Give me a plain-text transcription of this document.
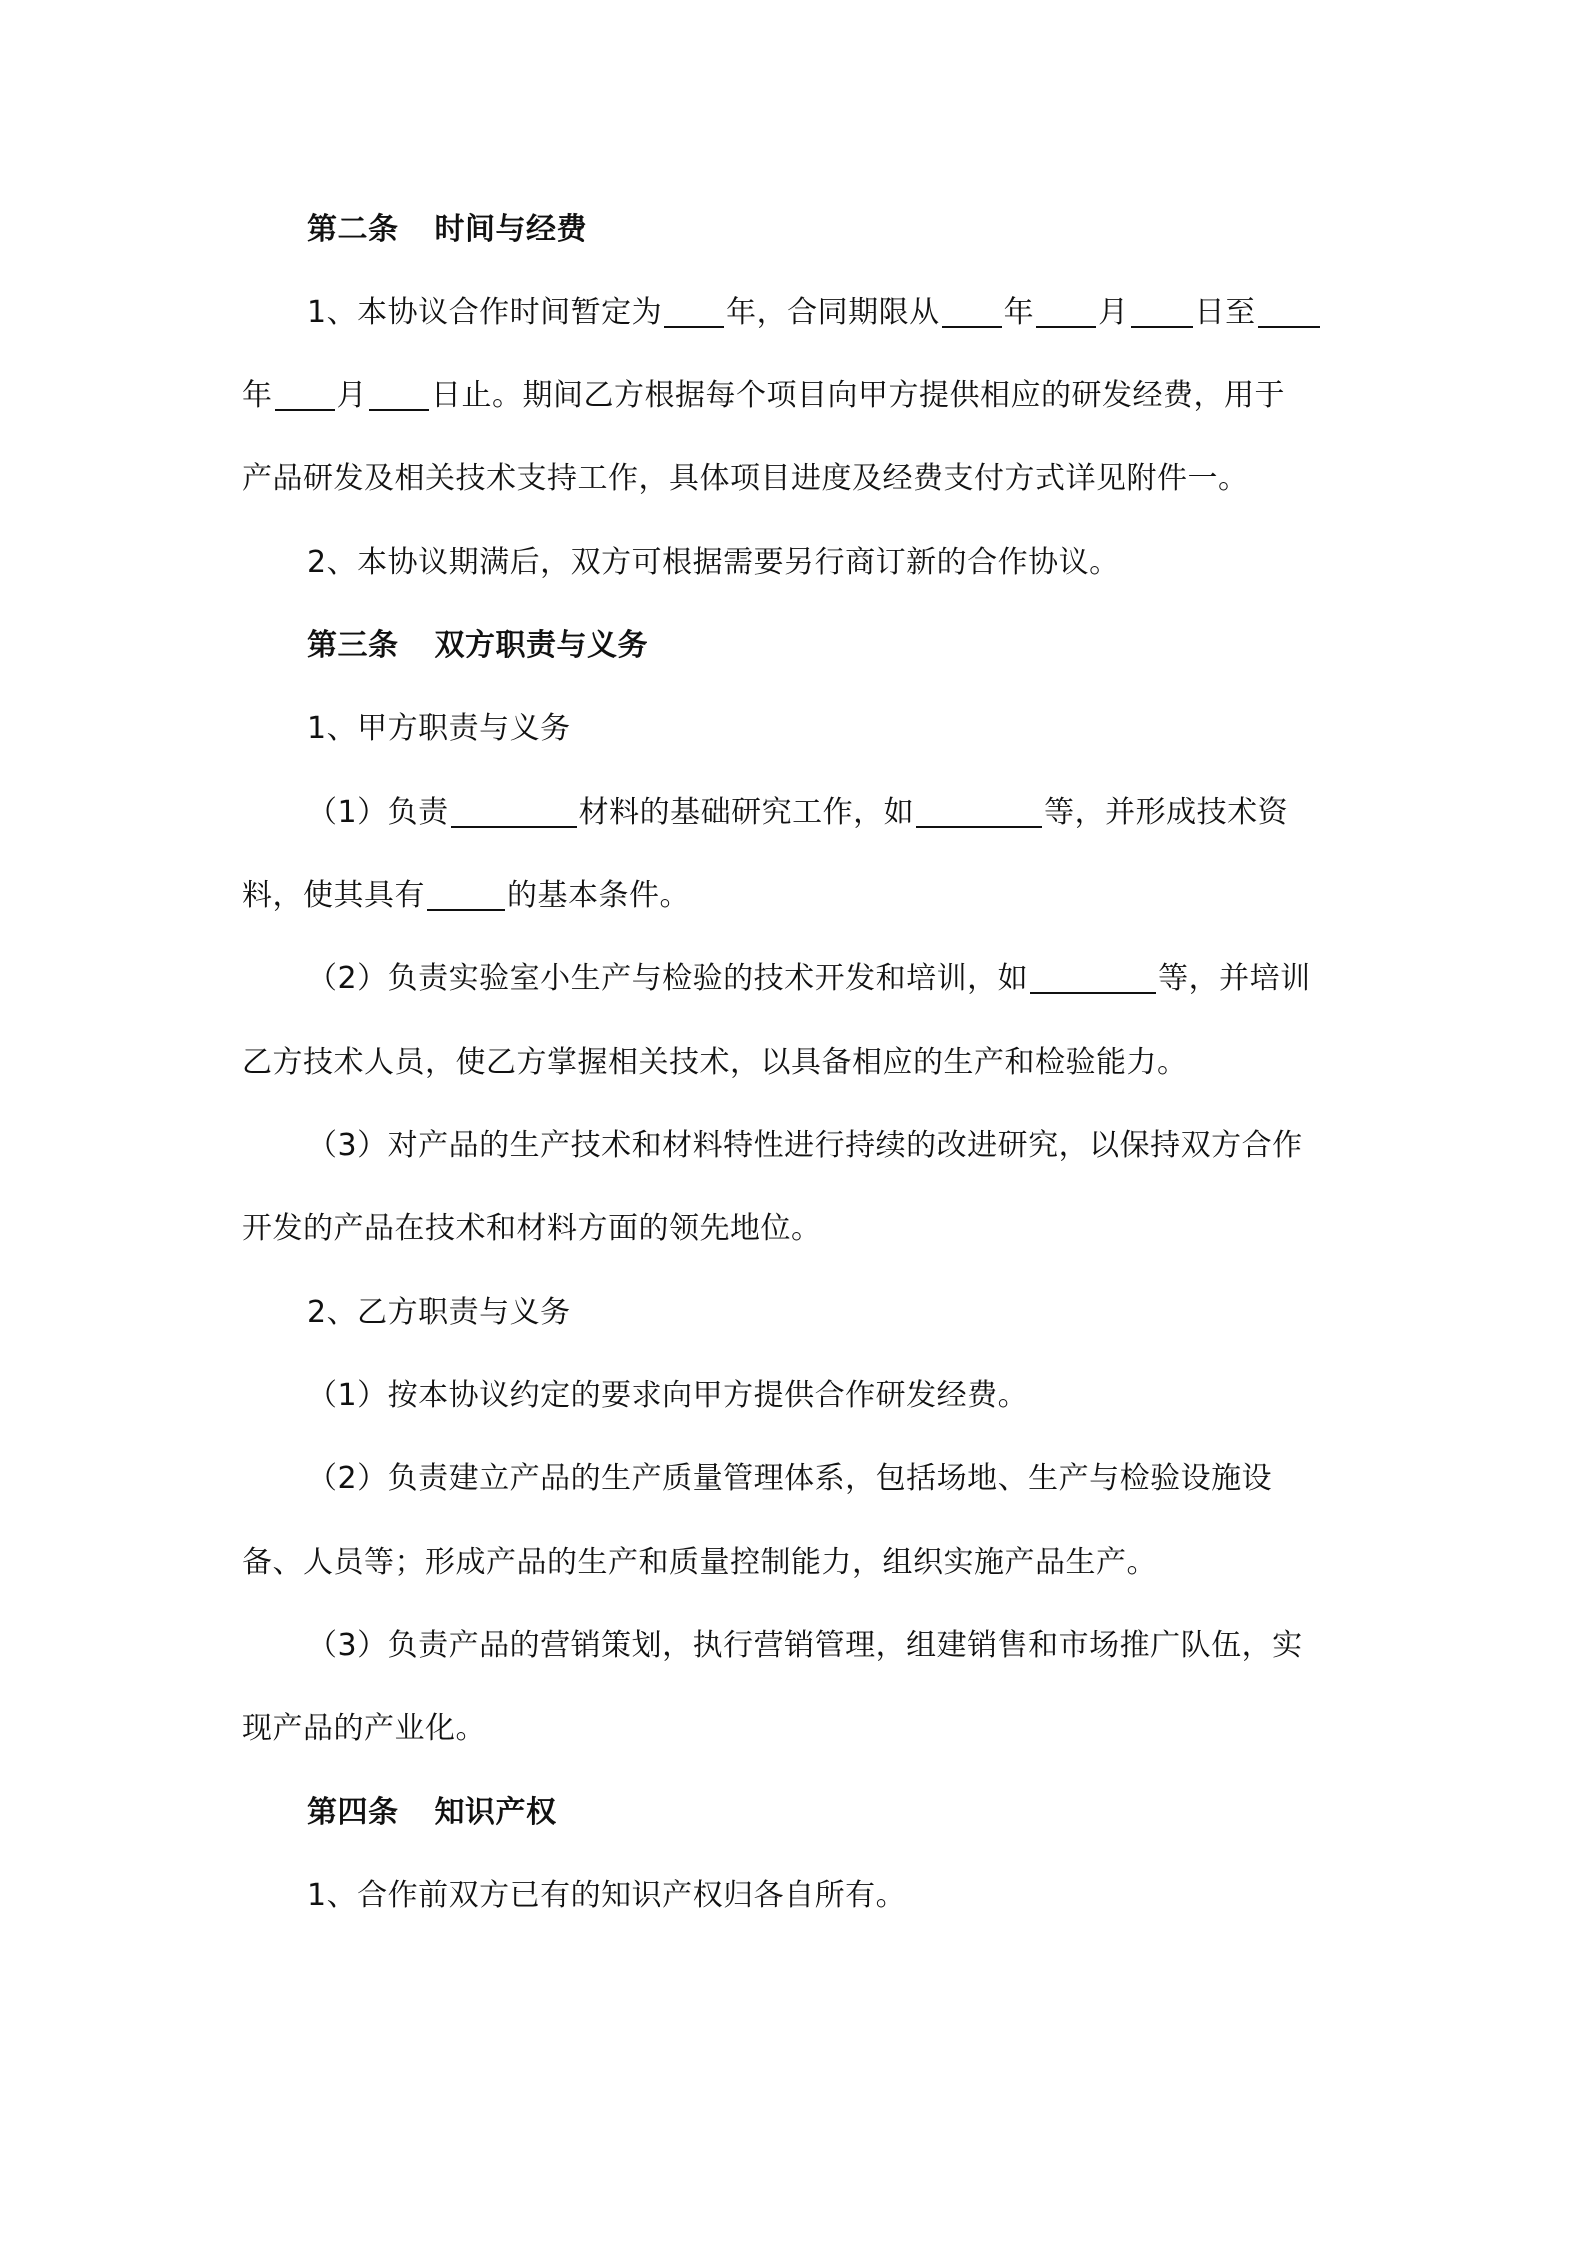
第二条 时间与经费
1、本协议合作时间暂定为 年，合同期限从 年 月 日至
年 月 日止。期间乙方根据每个项目向甲方提供相应的研发经费，用于
产品研发及相关技术支持工作，具体项目进度及经费支付方式详见附件一。
2、本协议期满后，双方可根据需要另行商订新的合作协议。
第三条 双方职责与义务
1、甲方职责与义务
（1）负责	材料的基础研究工作，如	等，并形成技术资
料，使其具有	的基本条件。
（2）负责实验室小生产与检验的技术开发和培训，如	等，并培训
乙方技术人员，使乙方掌握相关技术，以具备相应的生产和检验能力。
（3）对产品的生产技术和材料特性进行持续的改进研究，以保持双方合作
开发的产品在技术和材料方面的领先地位。
2、乙方职责与义务
（1）按本协议约定的要求向甲方提供合作研发经费。
（2）负责建立产品的生产质量管理体系，包括场地、生产与检验设施设
备、人员等；形成产品的生产和质量控制能力，组织实施产品生产。
（3）负责产品的营销策划，执行营销管理，组建销售和市场推广队伍，实
现产品的产业化。
第四条 知识产权
1、合作前双方已有的知识产权归各自所有。
